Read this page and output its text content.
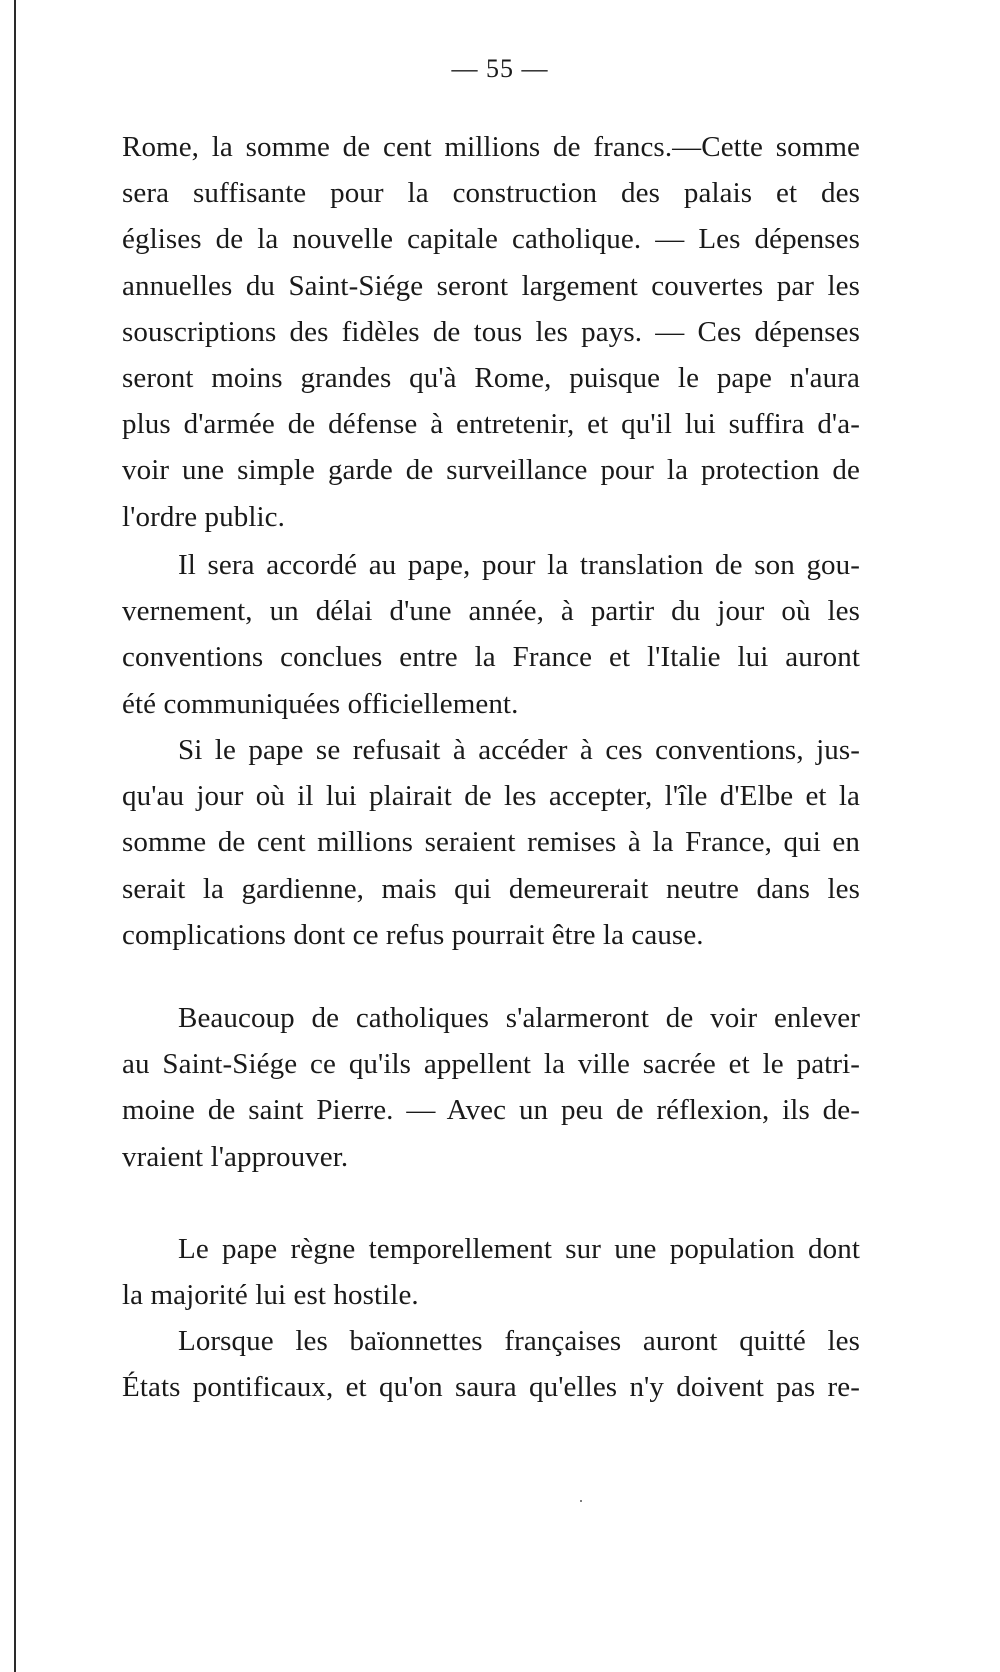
— 55 —
Rome, la somme de cent millions de francs.—Cette somme
sera suffisante pour la construction des palais et des
églises de la nouvelle capitale catholique. — Les dépenses
annuelles du Saint-Siége seront largement couvertes par les
souscriptions des fidèles de tous les pays. — Ces dépenses
seront moins grandes qu'à Rome, puisque le pape n'aura
plus d'armée de défense à entretenir, et qu'il lui suffira d'a-
voir une simple garde de surveillance pour la protection de
l'ordre public.
Il sera accordé au pape, pour la translation de son gou-
vernement, un délai d'une année, à partir du jour où les
conventions conclues entre la France et l'Italie lui auront
été communiquées officiellement.
Si le pape se refusait à accéder à ces conventions, jus-
qu'au jour où il lui plairait de les accepter, l'île d'Elbe et la
somme de cent millions seraient remises à la France, qui en
serait la gardienne, mais qui demeurerait neutre dans les
complications dont ce refus pourrait être la cause.
Beaucoup de catholiques s'alarmeront de voir enlever
au Saint-Siége ce qu'ils appellent la ville sacrée et le patri-
moine de saint Pierre. — Avec un peu de réflexion, ils de-
vraient l'approuver.
Le pape règne temporellement sur une population dont
la majorité lui est hostile.
Lorsque les baïonnettes françaises auront quitté les
États pontificaux, et qu'on saura qu'elles n'y doivent pas re-
